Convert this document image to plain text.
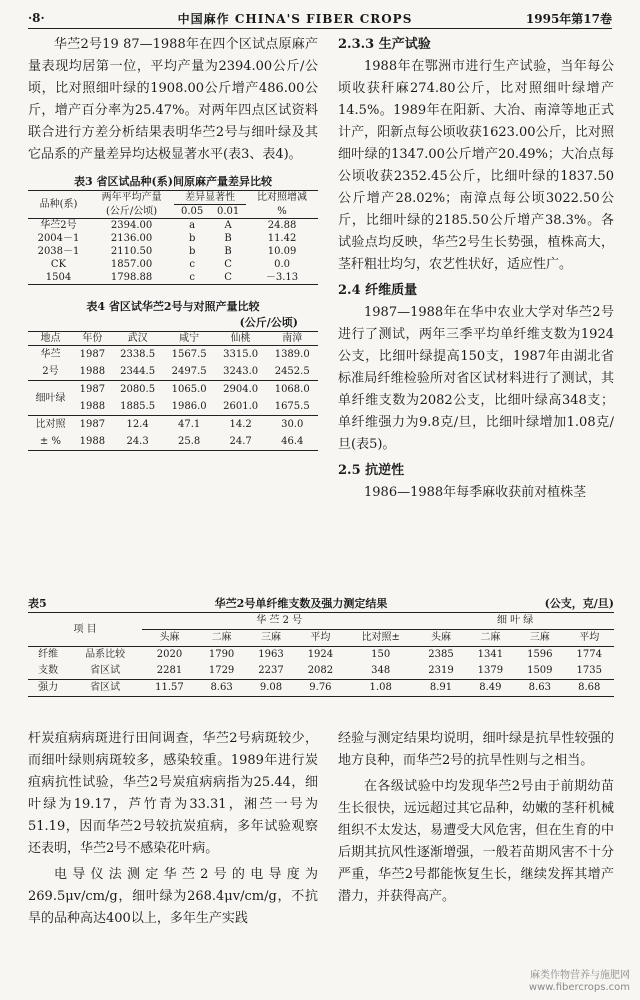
·8·	中国麻作 CHINA'S FIBER CROPS	1995年第17卷

华苎2号19 87—1988年在四个区试点原麻产量表现均居第一位，平均产量为2394.00公斤/公顷，比对照细叶绿的1908.00公斤增产486.00公斤，增产百分率为25.47%。对两年四点区试资料联合进行方差分析结果表明华苎2号与细叶绿及其它品系的产量差异均达极显著水平(表3、表4)。

表3 省区试品种(系)间原麻产量差异比较
品种(系)	两年平均产量	差异显著性		比对照增减
	(公斤/公顷)	0.05	0.01	%
华苎2号	2394.00	a	A	24.88
2004－1	2136.00	b	B	11.42
2038－1	2110.50	b	B	10.09
CK	1857.00	c	C	0.0
1504	1798.88	c	C	－3.13
表4 省区试华苎2号与对照产量比较
(公斤/公顷)
地点	年份	武汉	咸宁	仙桃	南漳
华苎	1987	2338.5	1567.5	3315.0	1389.0
2号	1988	2344.5	2497.5	3243.0	2452.5
细叶绿	1987	2080.5	1065.0	2904.0	1068.0
	1988	1885.5	1986.0	2601.0	1675.5
比对照	1987	12.4	47.1	14.2	30.0
± %	1988	24.3	25.8	24.7	46.4
2.3.3 生产试验

1988年在鄂洲市进行生产试验，当年每公顷收获秆麻274.80公斤，比对照细叶绿增产14.5%。1989年在阳新、大冶、南漳等地正式计产，阳新点每公顷收获1623.00公斤，比对照细叶绿的1347.00公斤增产20.49%；大冶点每公顷收获2352.45公斤，比细叶绿的1837.50公斤增产28.02%；南漳点每公顷3022.50公斤，比细叶绿的2185.50公斤增产38.3%。各试验点均反映，华苎2号生长势强，植株高大，茎秆粗壮均匀，农艺性状好，适应性广。

2.4 纤维质量

1987—1988年在华中农业大学对华苎2号进行了测试，两年三季平均单纤维支数为1924公支，比细叶绿提高150支，1987年由湖北省标准局纤维检验所对省区试材料进行了测试，其单纤维支数为2082公支，比细叶绿高348支；单纤维强力为9.8克/旦，比细叶绿增加1.08克/旦(表5)。

2.5 抗逆性

1986—1988年每季麻收获前对植株茎

表5	华苎2号单纤维支数及强力测定结果	(公支，克/旦)
项 目		华 苎 2 号					细 叶 绿			
		头麻	二麻	三麻	平均	比对照±	头麻	二麻	三麻	平均
纤维	品系比较	2020	1790	1963	1924	150	2385	1341	1596	1774
支数	省区试	2281	1729	2237	2082	348	2319	1379	1509	1735
强力	省区试	11.57	8.63	9.08	9.76	1.08	8.91	8.49	8.63	8.68

杆炭疽病病斑进行田间调查，华苎2号病斑较少，而细叶绿则病斑较多，感染较重。1989年进行炭疽病抗性试验，华苎2号炭疽病病指为25.44，细叶绿为19.17，芦竹青为33.31，湘苎一号为51.19，因而华苎2号较抗炭疽病，多年试验观察还表明，华苎2号不感染花叶病。

电导仪法测定华苎2号的电导度为269.5μv/cm/g，细叶绿为268.4μv/cm/g，不抗旱的品种高达400以上，多年生产实践

经验与测定结果均说明，细叶绿是抗旱性较强的地方良种，而华苎2号的抗旱性则与之相当。

在各级试验中均发现华苎2号由于前期幼苗生长很快，远远超过其它品种，幼嫩的茎秆机械组织不太发达，易遭受大风危害，但在生育的中后期其抗风性逐渐增强，一般若苗期风害不十分严重，华苎2号都能恢复生长，继续发挥其增产潜力，并获得高产。

麻类作物营养与施肥网
www.fibercrops.com
